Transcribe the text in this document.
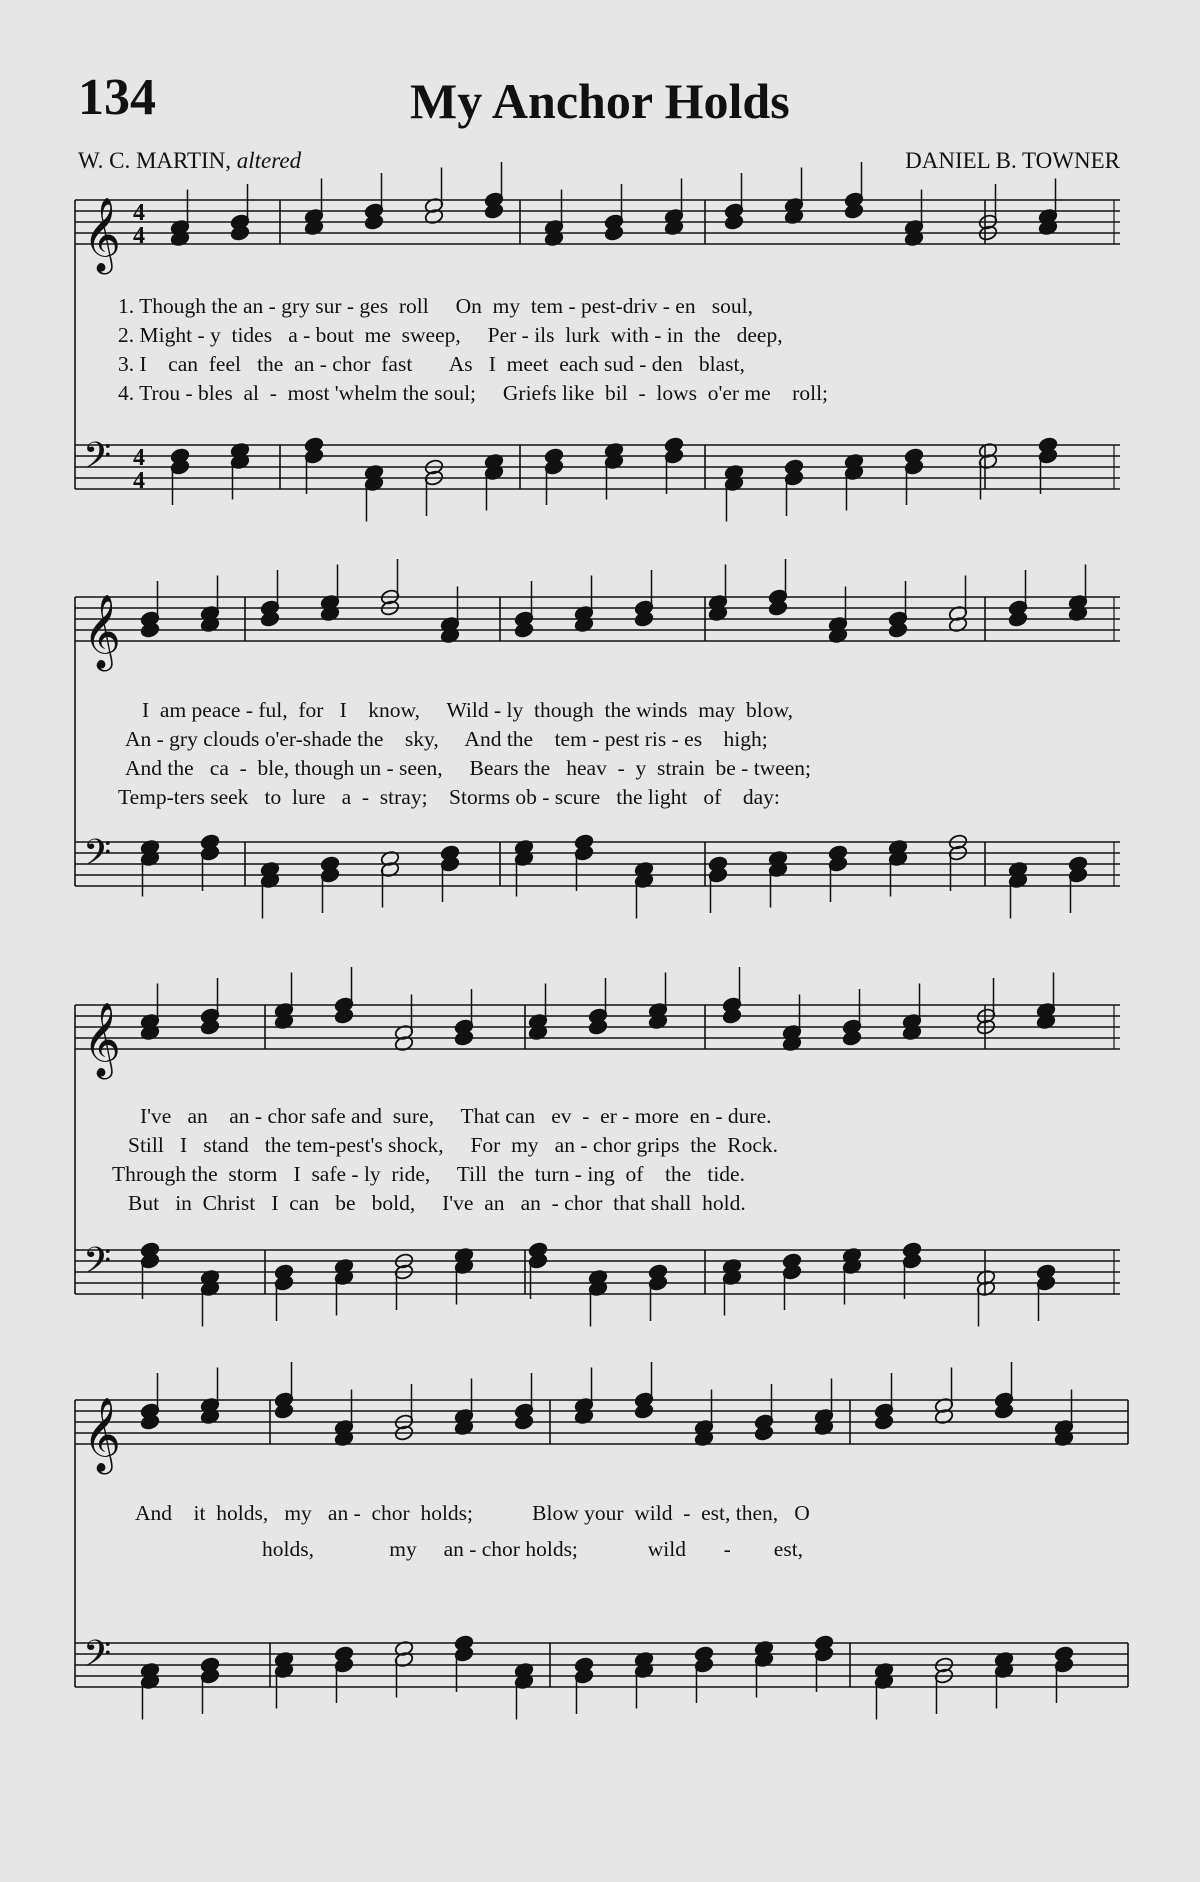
134	My Anchor Holds
W. C. MARTIN, altered	DANIEL B. TOWNER
𝄞 4
4
𝄢 4
4
𝄞
𝄢
𝄞
𝄢
𝄞
𝄢
1. Though the an - gry sur - ges  roll     On  my  tem - pest-driv - en   soul,
2. Might - y  tides   a - bout  me  sweep,     Per - ils  lurk  with - in  the   deep,
3. I    can  feel   the  an - chor  fast       As   I  meet  each sud - den   blast,
4. Trou - bles  al  -  most 'whelm the soul;     Griefs like  bil  -  lows  o'er me    roll;
I  am peace - ful,  for   I    know,     Wild - ly  though  the winds  may  blow,
An - gry clouds o'er-shade the    sky,     And the    tem - pest ris - es    high;
And the   ca  -  ble, though un - seen,     Bears the   heav  -  y  strain  be - tween;
Temp-ters seek   to  lure   a  -  stray;    Storms ob - scure   the light   of    day:
I've   an    an - chor safe and  sure,     That can   ev  -  er - more  en - dure.
Still   I   stand   the tem-pest's shock,     For  my   an - chor grips  the  Rock.
Through the  storm   I  safe - ly  ride,     Till  the  turn - ing  of    the   tide.
But   in  Christ   I  can   be   bold,     I've  an   an  - chor  that shall  hold.
And    it  holds,   my   an -  chor  holds;           Blow your  wild  -  est, then,   O
holds,              my     an - chor holds;             wild       -        est,
